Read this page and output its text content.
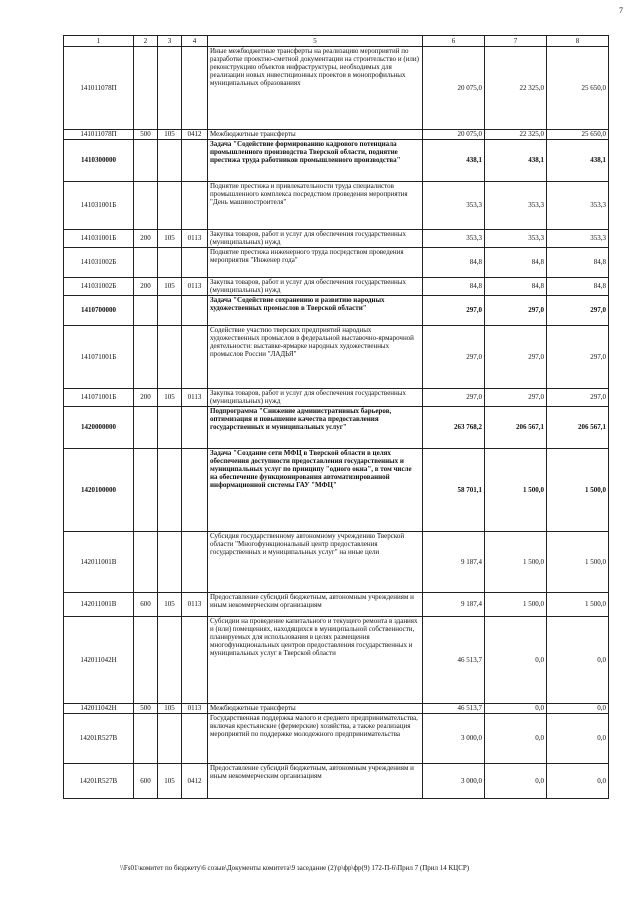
7
1	2	3	4	5	6	7	8
141011078П				Иные межбюджетные трансферты на реализацию мероприятий по разработке проектно-сметной документации на строительство и (или) реконструкцию объектов инфраструктуры, необходимых для реализации новых инвестиционных проектов в монопрофильных муниципальных образованиях	20 075,0	22 325,0	25 650,0
141011078П	500	105	0412	Межбюджетные трансферты	20 075,0	22 325,0	25 650,0
1410300000				Задача "Содействие формированию кадрового потенциала промышленного производства Тверской области, поднятие престижа труда работников промышленного производства"	438,1	438,1	438,1
141031001Б				Поднятие престижа и привлекательности труда специалистов промышленного комплекса посредством проведения мероприятия "День машиностроителя"	353,3	353,3	353,3
141031001Б	200	105	0113	Закупка товаров, работ и услуг для обеспечения государственных (муниципальных) нужд	353,3	353,3	353,3
141031002Б				Поднятие престижа инженерного труда посредством проведения мероприятия "Инженер года"	84,8	84,8	84,8
141031002Б	200	105	0113	Закупка товаров, работ и услуг для обеспечения государственных (муниципальных) нужд	84,8	84,8	84,8
1410700000				Задача "Содействие сохранению и развитию народных художественных промыслов в Тверской области"	297,0	297,0	297,0
141071001Б				Содействие участию тверских предприятий народных художественных промыслов в федеральной выставочно-ярмарочной деятельности: выставке-ярмарке народных художественных промыслов России "ЛАДЬЯ"	297,0	297,0	297,0
141071001Б	200	105	0113	Закупка товаров, работ и услуг для обеспечения государственных (муниципальных) нужд	297,0	297,0	297,0
1420000000				Подпрограмма "Снижение административных барьеров, оптимизация и повышение качества предоставления государственных и муниципальных услуг"	263 768,2	206 567,1	206 567,1
1420100000				Задача "Создание сети МФЦ в Тверской области в целях обеспечения доступности предоставления государственных и муниципальных услуг по принципу "одного окна", в том числе на обеспечение функционирования автоматизированной информационной системы ГАУ "МФЦ"	58 701,1	1 500,0	1 500,0
142011001В				Субсидия государственному автономному учреждению Тверской области "Многофункциональный центр предоставления государственных и муниципальных услуг" на иные цели	9 187,4	1 500,0	1 500,0
142011001В	600	105	0113	Предоставление субсидий бюджетным, автономным учреждениям и иным некоммерческим организациям	9 187,4	1 500,0	1 500,0
142011042Н				Субсидии на проведение капитального и текущего ремонта в зданиях и (или) помещениях, находящихся в муниципальной собственности, планируемых для использования в целях размещения многофункциональных центров предоставления государственных и муниципальных услуг в Тверской области	46 513,7	0,0	0,0
142011042Н	500	105	0113	Межбюджетные трансферты	46 513,7	0,0	0,0
14201R527В				Государственная поддержка малого и среднего предпринимательства, включая крестьянские (фермерские) хозяйства, а также реализация мероприятий по поддержке молодежного предпринимательства	3 000,0	0,0	0,0
14201R527В	600	105	0412	Предоставление субсидий бюджетным, автономным учреждениям и иным некоммерческим организациям	3 000,0	0,0	0,0
\\Fs01\комитет по бюджету\6 созыв\Документы комитета\9 заседание (2)\р\фр\фр(9) 172-П-6\Прил 7 (Прил 14 КЦСР)
